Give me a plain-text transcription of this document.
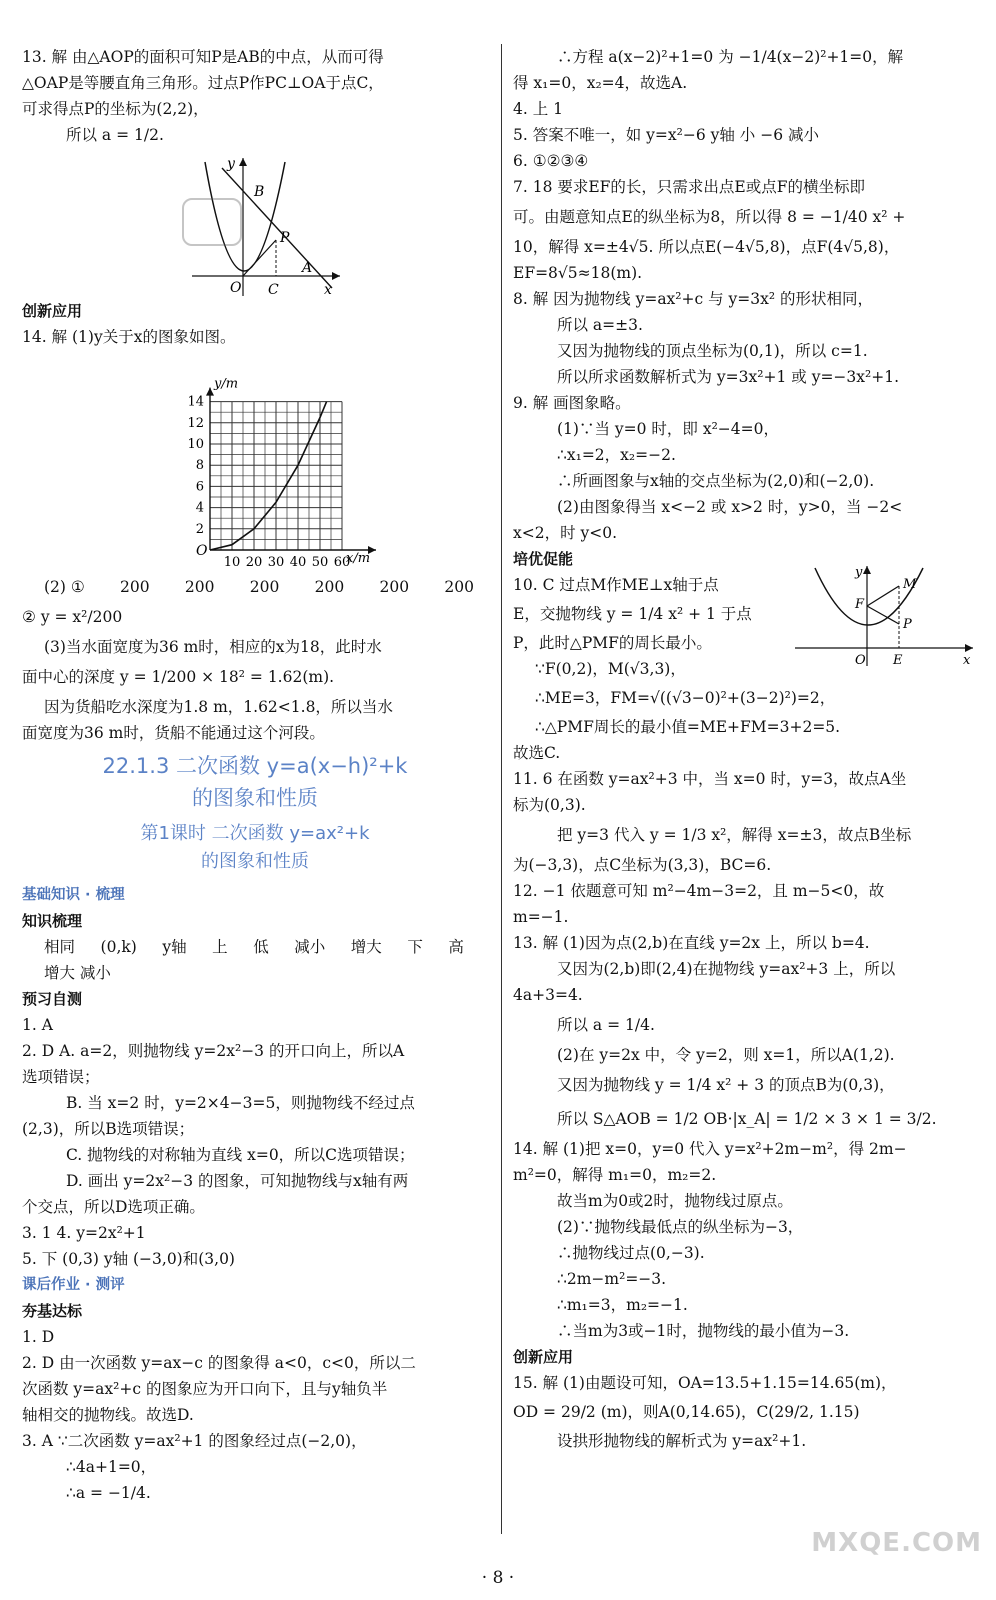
13. 解 由△AOP的面积可知P是AB的中点，从而可得

△OAP是等腰直角三角形。过点P作PC⊥OA于点C，

可求得点P的坐标为(2,2)，

所以 a = 1/2.

y
B
P
A
O C	x

创新应用

14. 解 (1)y关于x的图象如图。

10 20 30 40 50 60
2
4
6
8
10
12
14
O
y/m
x/m
(2) ① 200 200 200 200 200 200

② y = x²/200

(3)当水面宽度为36 m时，相应的x为18，此时水

面中心的深度 y = 1/200 × 18² = 1.62(m).

因为货船吃水深度为1.8 m，1.62<1.8，所以当水

面宽度为36 m时，货船不能通过这个河段。

22.1.3 二次函数 y=a(x−h)²+k

的图象和性质

第1课时 二次函数 y=ax²+k

的图象和性质

基础知识 · 梳理

知识梳理

相同 (0,k) y轴 上 低 减小 增大 下 高

增大 减小

预习自测

1. A

2. D A. a=2，则抛物线 y=2x²−3 的开口向上，所以A

选项错误；

B. 当 x=2 时，y=2×4−3=5，则抛物线不经过点

(2,3)，所以B选项错误；

C. 抛物线的对称轴为直线 x=0，所以C选项错误；

D. 画出 y=2x²−3 的图象，可知抛物线与x轴有两

个交点，所以D选项正确。

3. 1 4. y=2x²+1

5. 下 (0,3) y轴 (−3,0)和(3,0)

课后作业 · 测评

夯基达标

1. D

2. D 由一次函数 y=ax−c 的图象得 a<0，c<0，所以二

次函数 y=ax²+c 的图象应为开口向下，且与y轴负半

轴相交的抛物线。故选D.

3. A ∵二次函数 y=ax²+1 的图象经过点(−2,0)，

∴4a+1=0，

∴a = −1/4.

∴方程 a(x−2)²+1=0 为 −1/4(x−2)²+1=0，解

得 x₁=0，x₂=4，故选A.

4. 上 1

5. 答案不唯一，如 y=x²−6 y轴 小 −6 减小

6. ①②③④

7. 18 要求EF的长，只需求出点E或点F的横坐标即

可。由题意知点E的纵坐标为8，所以得 8 = −1/40 x² +

10，解得 x=±4√5. 所以点E(−4√5,8)，点F(4√5,8)，

EF=8√5≈18(m).

8. 解 因为抛物线 y=ax²+c 与 y=3x² 的形状相同，

所以 a=±3.

又因为抛物线的顶点坐标为(0,1)，所以 c=1.

所以所求函数解析式为 y=3x²+1 或 y=−3x²+1.

9. 解 画图象略。

(1)∵当 y=0 时，即 x²−4=0，

∴x₁=2，x₂=−2.

∴所画图象与x轴的交点坐标为(2,0)和(−2,0).

(2)由图象得当 x<−2 或 x>2 时，y>0，当 −2<

x<2，时 y<0.

培优促能

10. C 过点M作ME⊥x轴于点

E，交抛物线 y = 1/4 x² + 1 于点

P，此时△PMF的周长最小。

∵F(0,2)，M(√3,3)，

∴ME=3，FM=√((√3−0)²+(3−2)²)=2，

∴△PMF周长的最小值=ME+FM=3+2=5.

故选C.

y
M
F
P
O E	x

11. 6 在函数 y=ax²+3 中，当 x=0 时，y=3，故点A坐

标为(0,3).

把 y=3 代入 y = 1/3 x²，解得 x=±3，故点B坐标

为(−3,3)，点C坐标为(3,3)，BC=6.

12. −1 依题意可知 m²−4m−3=2，且 m−5<0，故

m=−1.

13. 解 (1)因为点(2,b)在直线 y=2x 上，所以 b=4.

又因为(2,b)即(2,4)在抛物线 y=ax²+3 上，所以

4a+3=4.

所以 a = 1/4.

(2)在 y=2x 中，令 y=2，则 x=1，所以A(1,2).

又因为抛物线 y = 1/4 x² + 3 的顶点B为(0,3)，

所以 S△AOB = 1/2 OB·|x_A| = 1/2 × 3 × 1 = 3/2.

14. 解 (1)把 x=0，y=0 代入 y=x²+2m−m²，得 2m−

m²=0，解得 m₁=0，m₂=2.

故当m为0或2时，抛物线过原点。

(2)∵抛物线最低点的纵坐标为−3，

∴抛物线过点(0,−3).

∴2m−m²=−3.

∴m₁=3，m₂=−1.

∴当m为3或−1时，抛物线的最小值为−3.

创新应用

15. 解 (1)由题设可知，OA=13.5+1.15=14.65(m)，

OD = 29/2 (m)，则A(0,14.65)，C(29/2, 1.15)

设拱形抛物线的解析式为 y=ax²+1.

· 8 ·
MXQE.COM
